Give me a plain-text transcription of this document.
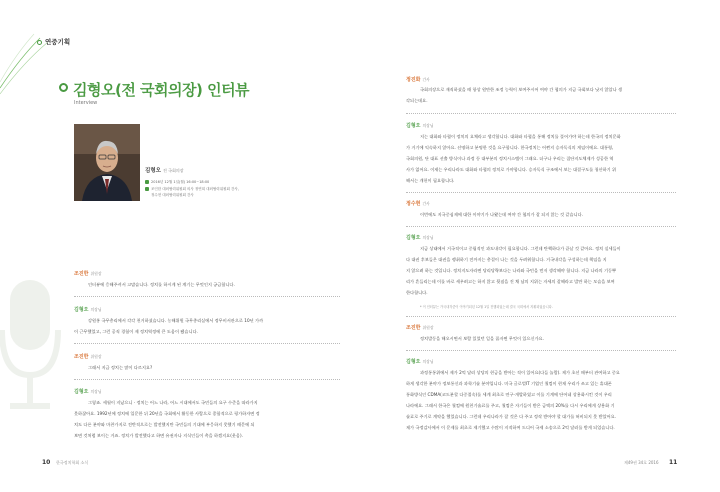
연중기획
김형오(전 국회의장) 인터뷰
Interview
김형오 전 국회의장
2016년 12월 1일(월) 16:00~18:00
조인한 대외협력위원회 의사 정연희 대외협력위원회 간사,
정수현 대외협력위원회 간사
조진한 위원장
인터뷰에 응해주셔서 고맙습니다. 정치를 하시게 된 계기는 무엇인지 궁금합니다.
김형오 의장님
강원홍 국무총리에서 각각 천거하셨습니다. 농해위원 국무총리실에서 정무비서관으로 10년 가까
이 근무했었고, 그런 공직 경험이 제 정치역정에 큰 도움이 됐습니다.
조진한 위원장
그래서 지금 정치는 많이 다르지요?
김형오 의장님
그렇죠. 세월이 지났으니 · 정치는 어느 나라, 어느 시대에서도 국민들의 요구 수준을 따라가지
못하잖아요. 1992년에 정치에 입문한 뒤 20년을 국회에서 활동한 사람으로 종합적으로 평가하자면 정
치도 다른 분야와 마찬가지로 전반적으로는 발전했지만 국민들의 기대에 부응하지 못했기 때문에 되
보면 것처럼 보이는 거죠. 정치가 발전했다고 하면 유권자나 지식인들이 촉을 하겠지요(웃음).
10 한국정치학회 소식
정진화 간사
국회의장으로 재직하셨을 때 항상 원만한 조정 능력이 보여주시어 여야 간 협의가 지금 국회보다 낫지 않았나 생
각되는데요.
김형오 의장님
저는 대화와 타협이 정치의 요체라고 생각합니다. 대화와 타협을 통해 정치를 풀어가야 하는데 한국의 정치문화
가 거기에 익숙하지 않아요. 선명하고 분명한 것을 요구합니다. 한국정치는 어쩐지 승자독식의 게임이에요. 대통령,
국회의원, 단 대표 선출 방식이나 과정 등 대부분의 정치시스템이 그래요. 더구나 우리는 집단지도체제가 성공한 역
사가 없어요. 이제는 우리나라도 대화와 타협의 정치로 가야합니다. 승자독식 구조에서 보는 대결구도를 청산하기 위
해서는 개헌이 필요합니다.
정수현 간사
이번에도 지국중심제에 대한 이야기가 나왔는데 여야 간 협의가 잘 되지 않는 것 같습니다.
김형오 의장님
지금 상태에서 거국적이고 중립적인 과도내각이 필요합니다. 그런데 탄핵하다가 끝날 것 같아요. 정치 실세들이
다 대권 후보들은 대권을 쟁취하기 전까지는 총결이 나는 것을 두려워합니다. 거국내각을 구성하는데 책임을 지
지 않으려 하는 것입니다. 정치지도자라면 당리당략보다는 나라와 국민을 먼저 생각해야 합니다. 지금 나라의 기둥뿌
리가 흔들리는데 이를 바로 세우려고는 하지 않고 뒷짐을 진 채 남의 지위는 자세의 잘해라고 발만 하는 모습을 보여
한다합니다.
* 이 인터뷰는 가국내각중이 이야기되던 12월 1일 진행되었는데 결국 국회에서 지휘되었습니다.
조진한 위원장
정치발동을 해오시면서 보람 있었던 일을 꼽자면 무엇이 있으신가요.
김형오 의장님
과정통통위에서 제가 2억 달러 상당의 현금을 받아는 적이 있어요(다들 놀람). 제가 초선 때부터 관여하고 중요
하게 생각한 분야가 정보통신과 과학기술 분야입니다. 미국 글로벌IT 기업인 퀄컴이 현재 우리가 쓰고 있는 휴대폰
통화방식인 CDMA(코드분할 다중접속)를 세계 최초로 연구·개발하였고 이를 기계에 단어네 상용화시킨 것이 우리
나라에요. 그래서 한국은 퀄컴에 원천기술료를 주고, 퀄컴은 자기들이 받은 금액의 20%를 다시 우리에게 상용화 기
술료로 주기로 계약을 했었습니다. 그런데 우리나라가 잘 것은 다 주고 정작 받아야 할 대가를 허비되지 못 받았어요.
제가 국정감사에서 이 문제를 최초로 제기했고 수많이 지적하여 드디어 국제 소송으로 2억 달러를 받게 되었습니다.
제49권 34호 2016 11
